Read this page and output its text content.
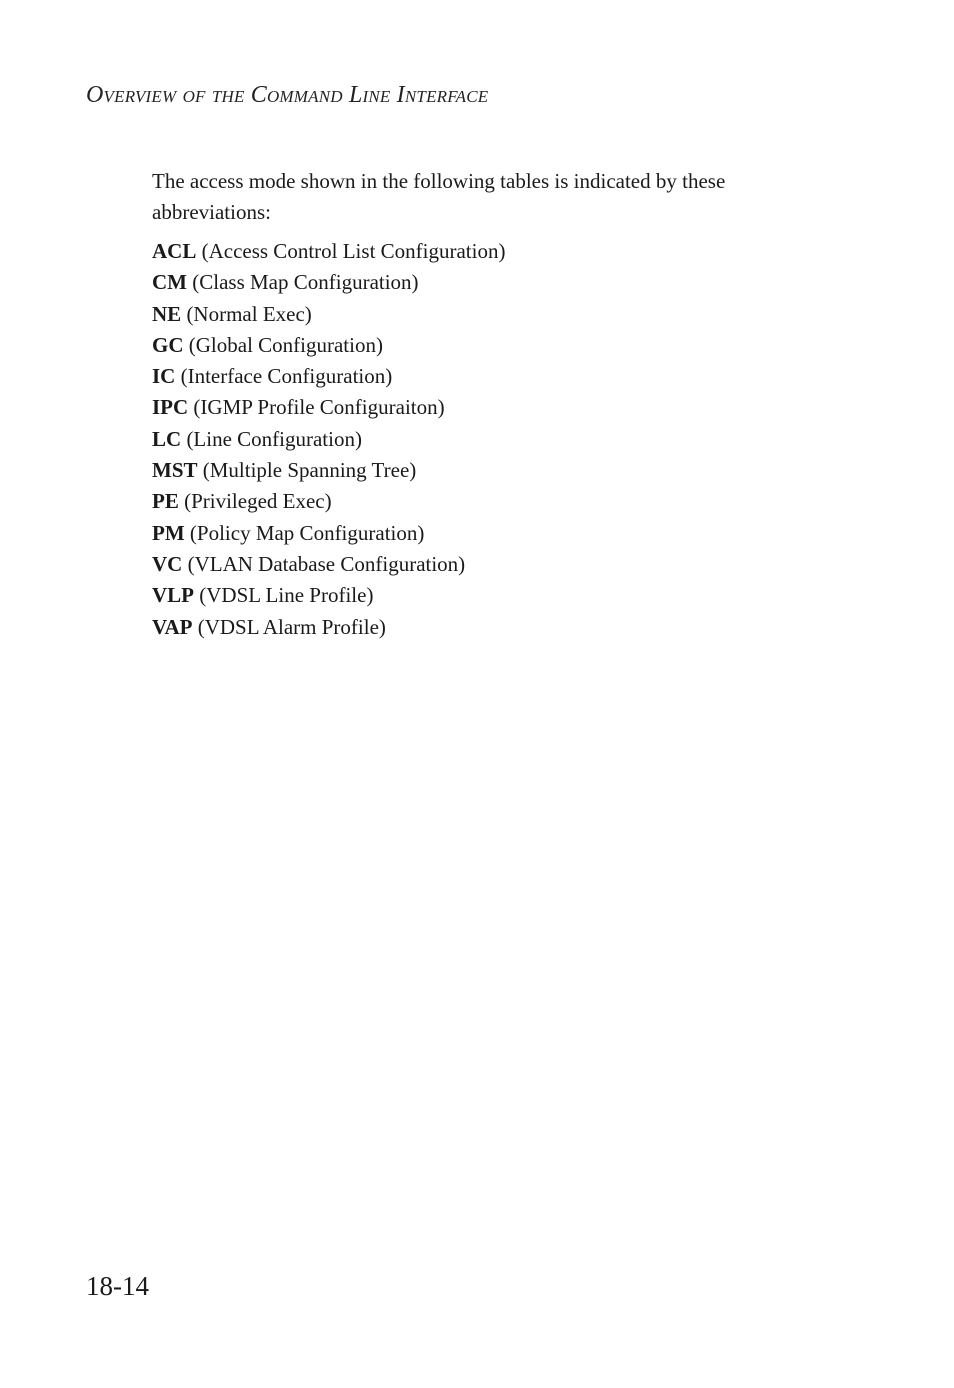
Overview of the Command Line Interface

The access mode shown in the following tables is indicated by these abbreviations:

ACL (Access Control List Configuration)
CM (Class Map Configuration)
NE (Normal Exec)
GC (Global Configuration)
IC (Interface Configuration)
IPC (IGMP Profile Configuraiton)
LC (Line Configuration)
MST (Multiple Spanning Tree)
PE (Privileged Exec)
PM (Policy Map Configuration)
VC (VLAN Database Configuration)
VLP (VDSL Line Profile)
VAP (VDSL Alarm Profile)
18-14
